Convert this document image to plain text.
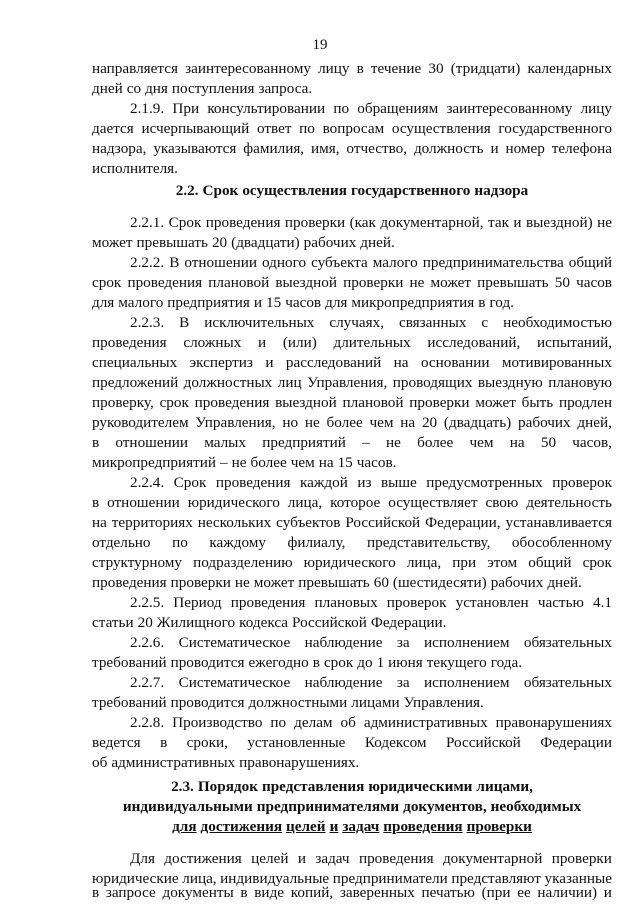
19
направляется заинтересованному лицу в течение 30 (тридцати) календарных
дней со дня поступления запроса.
2.1.9. При консультировании по обращениям заинтересованному лицу
дается исчерпывающий ответ по вопросам осуществления государственного
надзора, указываются фамилия, имя, отчество, должность и номер телефона
исполнителя.
2.2. Срок осуществления государственного надзора
2.2.1. Срок проведения проверки (как документарной, так и выездной) не
может превышать 20 (двадцати) рабочих дней.
2.2.2. В отношении одного субъекта малого предпринимательства общий
срок проведения плановой выездной проверки не может превышать 50 часов
для малого предприятия и 15 часов для микропредприятия в год.
2.2.3. В исключительных случаях, связанных с необходимостью
проведения сложных и (или) длительных исследований, испытаний,
специальных экспертиз и расследований на основании мотивированных
предложений должностных лиц Управления, проводящих выездную плановую
проверку, срок проведения выездной плановой проверки может быть продлен
руководителем Управления, но не более чем на 20 (двадцать) рабочих дней,
в отношении малых предприятий – не более чем на 50 часов,
микропредприятий – не более чем на 15 часов.
2.2.4. Срок проведения каждой из выше предусмотренных проверок
в отношении юридического лица, которое осуществляет свою деятельность
на территориях нескольких субъектов Российской Федерации, устанавливается
отдельно по каждому филиалу, представительству, обособленному
структурному подразделению юридического лица, при этом общий срок
проведения проверки не может превышать 60 (шестидесяти) рабочих дней.
2.2.5. Период проведения плановых проверок установлен частью 4.1
статьи 20 Жилищного кодекса Российской Федерации.
2.2.6. Систематическое наблюдение за исполнением обязательных
требований проводится ежегодно в срок до 1 июня текущего года.
2.2.7. Систематическое наблюдение за исполнением обязательных
требований проводится должностными лицами Управления.
2.2.8. Производство по делам об административных правонарушениях
ведется в сроки, установленные Кодексом Российской Федерации
об административных правонарушениях.
2.3. Порядок представления юридическими лицами,
индивидуальными предпринимателями документов, необходимых
для достижения целей и задач проведения проверки
Для достижения целей и задач проведения документарной проверки
юридические лица, индивидуальные предприниматели представляют указанные
в запросе документы в виде копий, заверенных печатью (при ее наличии) и
